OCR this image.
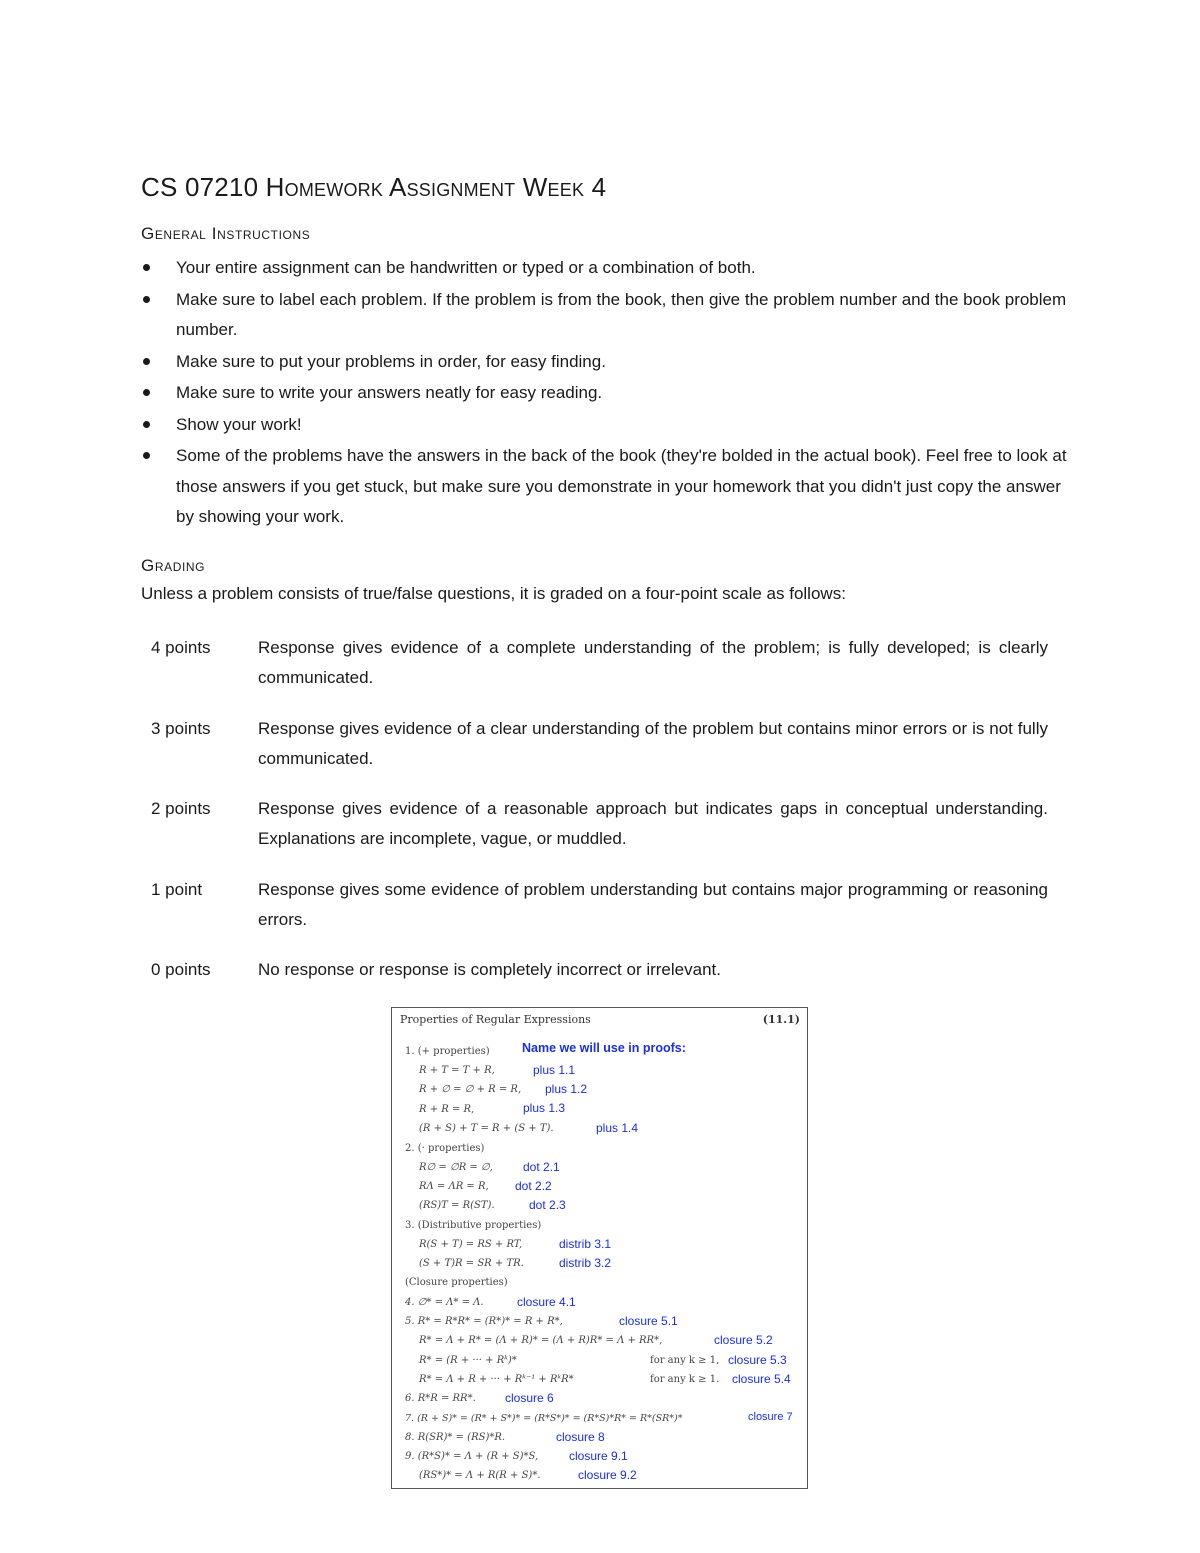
CS 07210 Homework Assignment Week 4
General Instructions
Your entire assignment can be handwritten or typed or a combination of both.
Make sure to label each problem. If the problem is from the book, then give the problem number and the book problem number.
Make sure to put your problems in order, for easy finding.
Make sure to write your answers neatly for easy reading.
Show your work!
Some of the problems have the answers in the back of the book (they're bolded in the actual book). Feel free to look at those answers if you get stuck, but make sure you demonstrate in your homework that you didn't just copy the answer by showing your work.
Grading

Unless a problem consists of true/false questions, it is graded on a four-point scale as follows:

4 points	Response gives evidence of a complete understanding of the problem; is fully developed; is clearly communicated.
3 points	Response gives evidence of a clear understanding of the problem but contains minor errors or is not fully communicated.
2 points	Response gives evidence of a reasonable approach but indicates gaps in conceptual understanding. Explanations are incomplete, vague, or muddled.
1 point	Response gives some evidence of problem understanding but contains major programming or reasoning errors.
0 points	No response or response is completely incorrect or irrelevant.
Properties of Regular Expressions	(11.1)
Name we will use in proofs:
1. (+ properties)
R + T = T + R,	plus 1.1
R + ∅ = ∅ + R = R, plus 1.2
R + R = R,	plus 1.3
(R + S) + T = R + (S + T).	plus 1.4
2. (· properties)
R∅ = ∅R = ∅,	dot 2.1
RΛ = ΛR = R, dot 2.2
(RS)T = R(ST).	dot 2.3
3. (Distributive properties)
R(S + T) = RS + RT,	distrib 3.1
(S + T)R = SR + TR.	distrib 3.2
(Closure properties)
4. ∅* = Λ* = Λ.	closure 4.1
5. R* = R*R* = (R*)* = R + R*,	closure 5.1
R* = Λ + R* = (Λ + R)* = (Λ + R)R* = Λ + RR*,	closure 5.2
R* = (R + ··· + Rᵏ)*	for any k ≥ 1, closure 5.3
R* = Λ + R + ··· + Rᵏ⁻¹ + RᵏR*	for any k ≥ 1. closure 5.4
6. R*R = RR*. closure 6
7. (R + S)* = (R* + S*)* = (R*S*)* = (R*S)*R* = R*(SR*)*	closure 7
8. R(SR)* = (RS)*R.	closure 8
9. (R*S)* = Λ + (R + S)*S,	closure 9.1
(RS*)* = Λ + R(R + S)*.	closure 9.2
